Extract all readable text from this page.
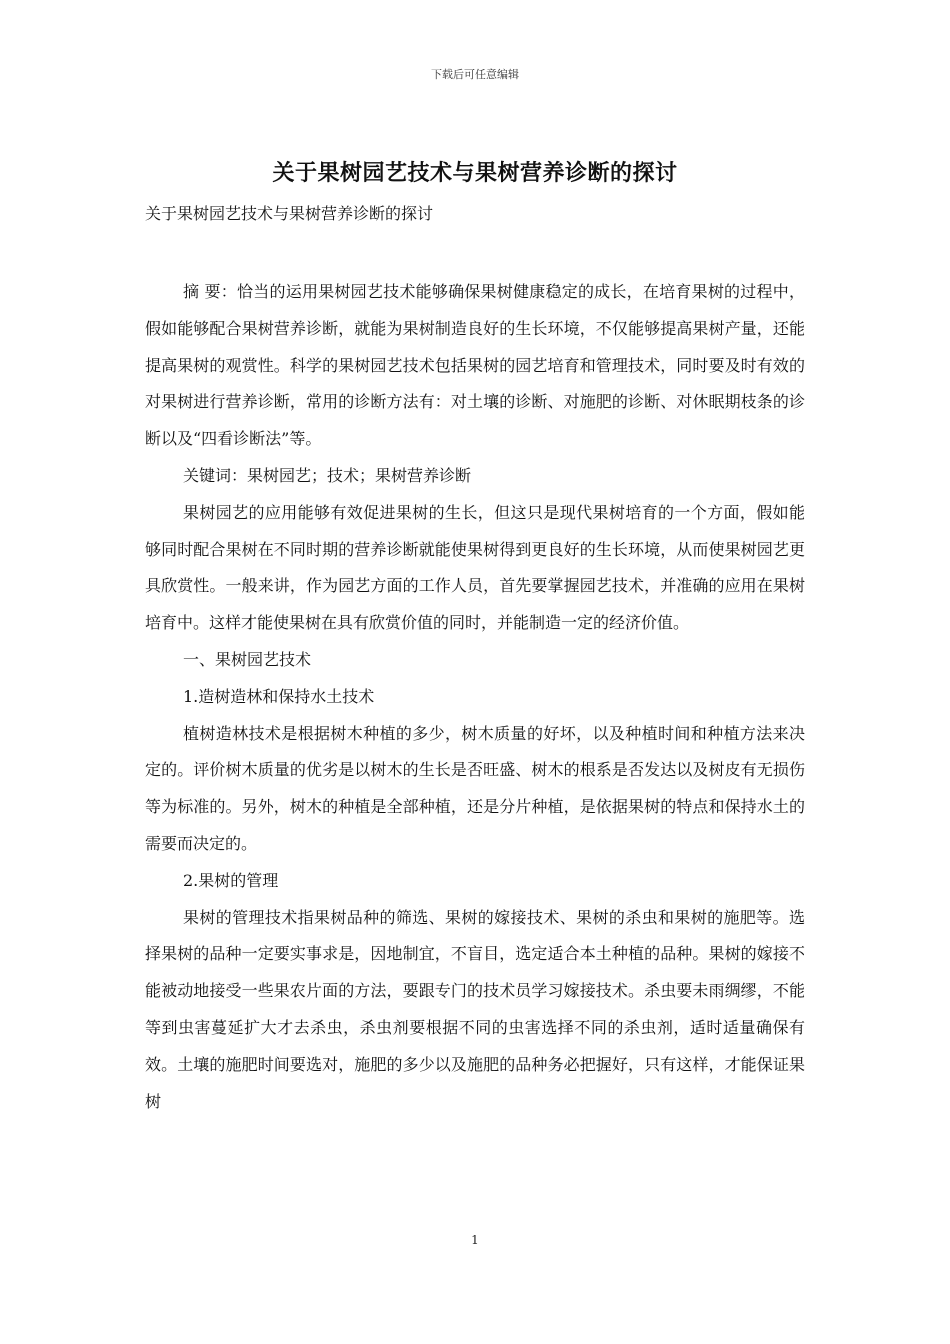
下载后可任意编辑
关于果树园艺技术与果树营养诊断的探讨
关于果树园艺技术与果树营养诊断的探讨

摘 要：恰当的运用果树园艺技术能够确保果树健康稳定的成长，在培育果树的过程中，假如能够配合果树营养诊断，就能为果树制造良好的生长环境，不仅能够提高果树产量，还能提高果树的观赏性。科学的果树园艺技术包括果树的园艺培育和管理技术，同时要及时有效的对果树进行营养诊断，常用的诊断方法有：对土壤的诊断、对施肥的诊断、对休眠期枝条的诊断以及“四看诊断法”等。

关键词：果树园艺；技术；果树营养诊断

果树园艺的应用能够有效促进果树的生长，但这只是现代果树培育的一个方面，假如能够同时配合果树在不同时期的营养诊断就能使果树得到更良好的生长环境，从而使果树园艺更具欣赏性。一般来讲，作为园艺方面的工作人员，首先要掌握园艺技术，并准确的应用在果树培育中。这样才能使果树在具有欣赏价值的同时，并能制造一定的经济价值。

一、果树园艺技术

1.造树造林和保持水土技术

植树造林技术是根据树木种植的多少，树木质量的好坏，以及种植时间和种植方法来决定的。评价树木质量的优劣是以树木的生长是否旺盛、树木的根系是否发达以及树皮有无损伤等为标准的。另外，树木的种植是全部种植，还是分片种植，是依据果树的特点和保持水土的需要而决定的。

2.果树的管理

果树的管理技术指果树品种的筛选、果树的嫁接技术、果树的杀虫和果树的施肥等。选择果树的品种一定要实事求是，因地制宜，不盲目，选定适合本土种植的品种。果树的嫁接不能被动地接受一些果农片面的方法，要跟专门的技术员学习嫁接技术。杀虫要未雨绸缪，不能等到虫害蔓延扩大才去杀虫，杀虫剂要根据不同的虫害选择不同的杀虫剂，适时适量确保有效。土壤的施肥时间要选对，施肥的多少以及施肥的品种务必把握好，只有这样，才能保证果树

1
